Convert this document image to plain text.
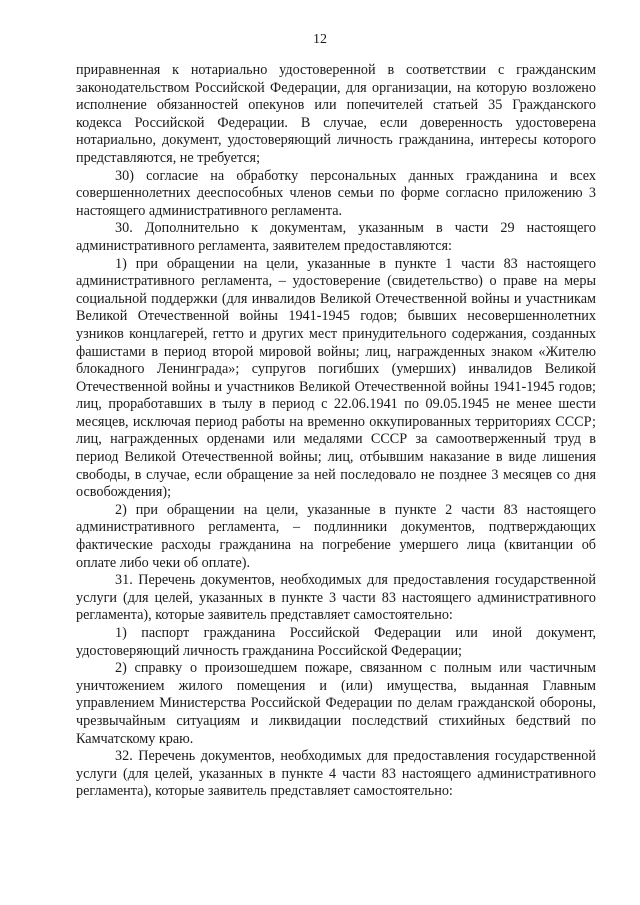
12

приравненная к нотариально удостоверенной в соответствии с гражданским законодательством Российской Федерации, для организации, на которую возложено исполнение обязанностей опекунов или попечителей статьей 35 Гражданского кодекса Российской Федерации. В случае, если доверенность удостоверена нотариально, документ, удостоверяющий личность гражданина, интересы которого представляются, не требуется;

30) согласие на обработку персональных данных гражданина и всех совершеннолетних дееспособных членов семьи по форме согласно приложению 3 настоящего административного регламента.

30. Дополнительно к документам, указанным в части 29 настоящего административного регламента, заявителем предоставляются:

1) при обращении на цели, указанные в пункте 1 части 83 настоящего административного регламента, – удостоверение (свидетельство) о праве на меры социальной поддержки (для инвалидов Великой Отечественной войны и участникам Великой Отечественной войны 1941-1945 годов; бывших несовершеннолетних узников концлагерей, гетто и других мест принудительного содержания, созданных фашистами в период второй мировой войны; лиц, награжденных знаком «Жителю блокадного Ленинграда»; супругов погибших (умерших) инвалидов Великой Отечественной войны и участников Великой Отечественной войны 1941-1945 годов; лиц, проработавших в тылу в период с 22.06.1941 по 09.05.1945 не менее шести месяцев, исключая период работы на временно оккупированных территориях СССР; лиц, награжденных орденами или медалями СССР за самоотверженный труд в период Великой Отечественной войны; лиц, отбывшим наказание в виде лишения свободы, в случае, если обращение за ней последовало не позднее 3 месяцев со дня освобождения);

2) при обращении на цели, указанные в пункте 2 части 83 настоящего административного регламента, – подлинники документов, подтверждающих фактические расходы гражданина на погребение умершего лица (квитанции об оплате либо чеки об оплате).

31. Перечень документов, необходимых для предоставления государственной услуги (для целей, указанных в пункте 3 части 83 настоящего административного регламента), которые заявитель представляет самостоятельно:

1) паспорт гражданина Российской Федерации или иной документ, удостоверяющий личность гражданина Российской Федерации;

2) справку о произошедшем пожаре, связанном с полным или частичным уничтожением жилого помещения и (или) имущества, выданная Главным управлением Министерства Российской Федерации по делам гражданской обороны, чрезвычайным ситуациям и ликвидации последствий стихийных бедствий по Камчатскому краю.

32. Перечень документов, необходимых для предоставления государственной услуги (для целей, указанных в пункте 4 части 83 настоящего административного регламента), которые заявитель представляет самостоятельно:
